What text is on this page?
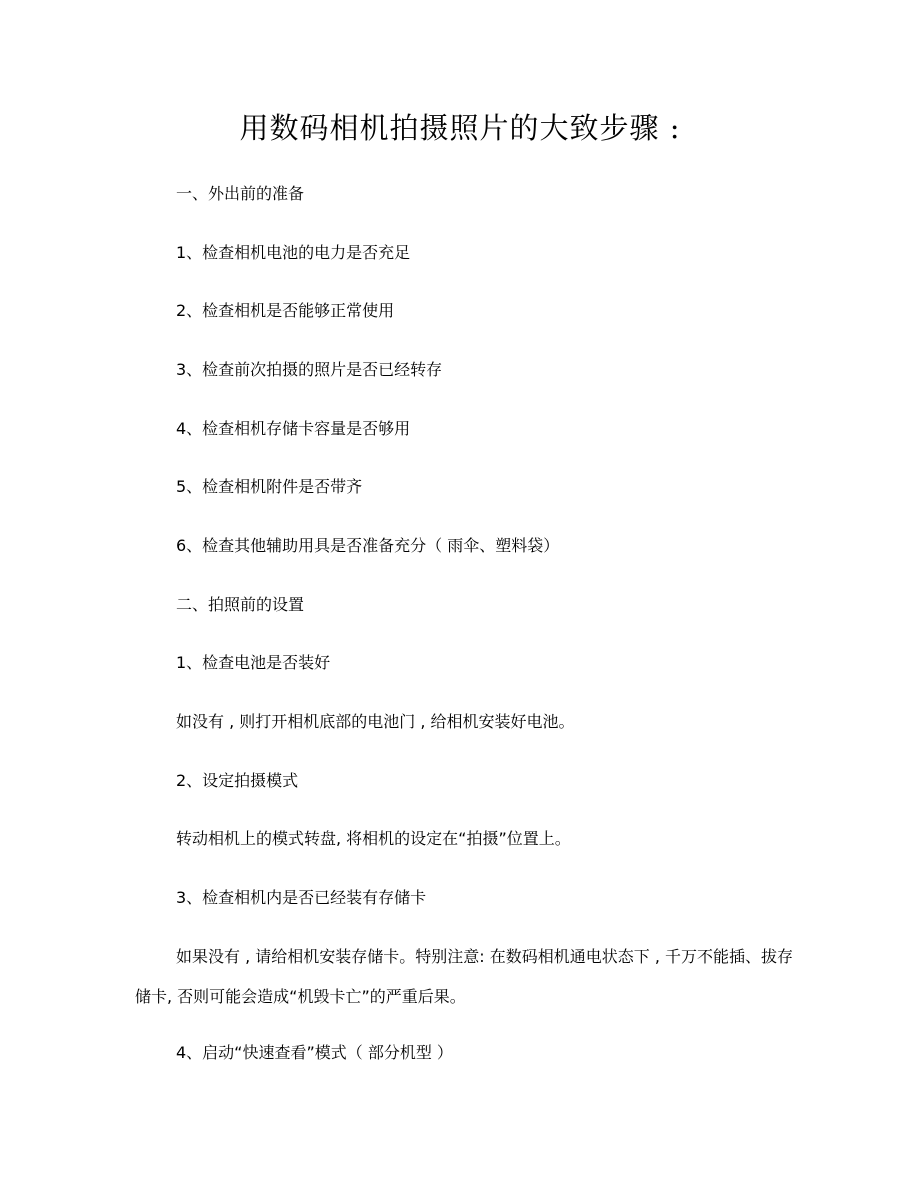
用数码相机拍摄照片的大致步骤 :
一、外出前的准备
1、检查相机电池的电力是否充足
2、检查相机是否能够正常使用
3、检查前次拍摄的照片是否已经转存
4、检查相机存储卡容量是否够用
5、检查相机附件是否带齐
6、检查其他辅助用具是否准备充分（ 雨伞、塑料袋）
二、拍照前的设置
1、检查电池是否装好
如没有 , 则打开相机底部的电池门 , 给相机安装好电池。
2、设定拍摄模式
转动相机上的模式转盘, 将相机的设定在“拍摄”位置上。
3、检查相机内是否已经装有存储卡
如果没有 , 请给相机安装存储卡。特别注意: 在数码相机通电状态下 , 千万不能插、拔存储卡, 否则可能会造成“机毁卡亡”的严重后果。
4、启动“快速查看”模式（ 部分机型 ）
